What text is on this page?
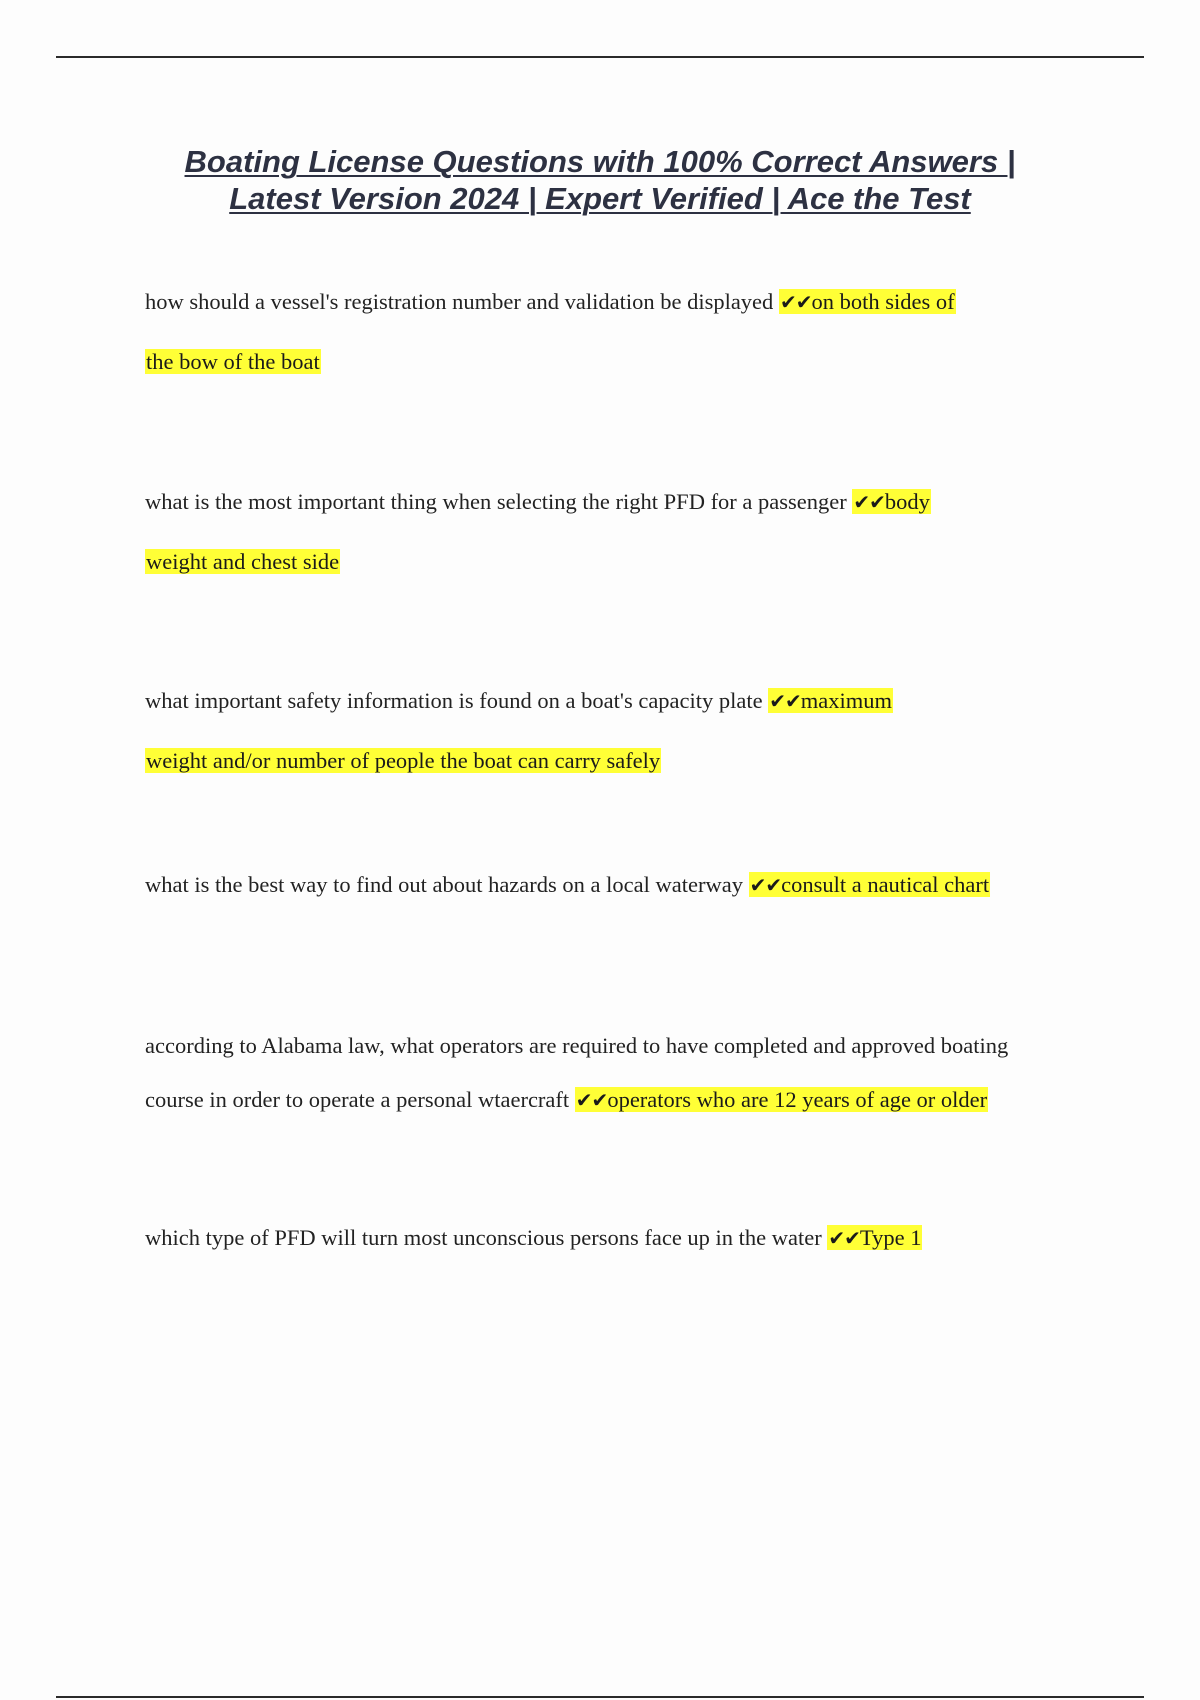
Boating License Questions with 100% Correct Answers |
Latest Version 2024 | Expert Verified | Ace the Test
how should a vessel's registration number and validation be displayed ✔✔on both sides of
the bow of the boat
what is the most important thing when selecting the right PFD for a passenger ✔✔body
weight and chest side
what important safety information is found on a boat's capacity plate ✔✔maximum
weight and/or number of people the boat can carry safely
what is the best way to find out about hazards on a local waterway ✔✔consult a nautical chart
according to Alabama law, what operators are required to have completed and approved boating
course in order to operate a personal wtaercraft ✔✔operators who are 12 years of age or older
which type of PFD will turn most unconscious persons face up in the water ✔✔Type 1
